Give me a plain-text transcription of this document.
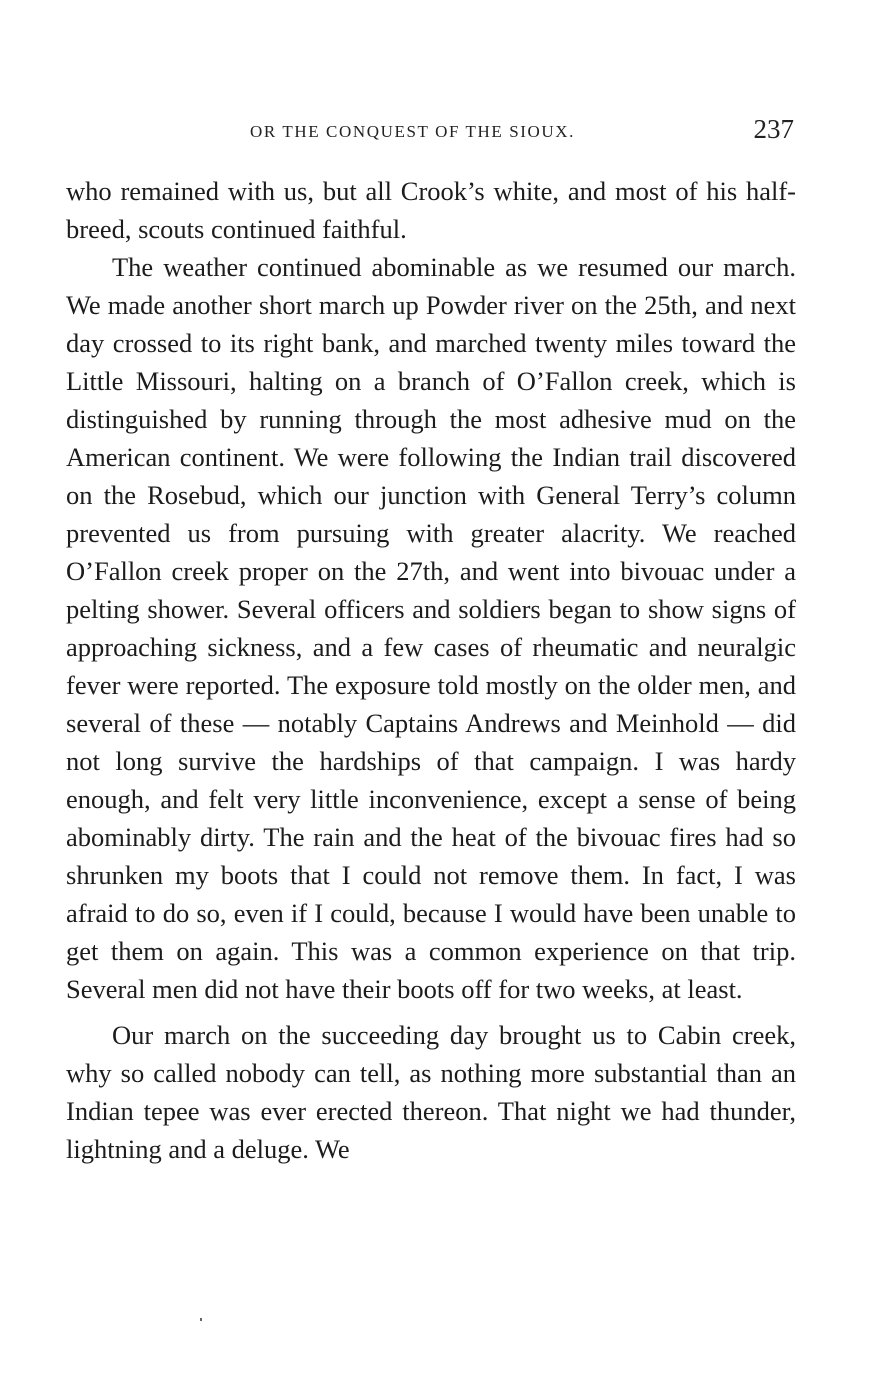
OR THE CONQUEST OF THE SIOUX.	237

who remained with us, but all Crook’s white, and most of his half-breed, scouts continued faithful.

The weather continued abominable as we resumed our march. We made another short march up Powder river on the 25th, and next day crossed to its right bank, and marched twenty miles toward the Little Missouri, halting on a branch of O’Fallon creek, which is distinguished by running through the most adhesive mud on the American continent. We were following the Indian trail discovered on the Rosebud, which our junction with General Terry’s column prevented us from pursuing with greater alacrity. We reached O’Fallon creek proper on the 27th, and went into bivouac under a pelting shower. Several officers and soldiers began to show signs of approaching sickness, and a few cases of rheumatic and neuralgic fever were reported. The exposure told mostly on the older men, and several of these — notably Captains Andrews and Meinhold — did not long survive the hardships of that campaign. I was hardy enough, and felt very little inconvenience, except a sense of being abominably dirty. The rain and the heat of the bivouac fires had so shrunken my boots that I could not remove them. In fact, I was afraid to do so, even if I could, because I would have been unable to get them on again. This was a common experience on that trip. Several men did not have their boots off for two weeks, at least.

Our march on the succeeding day brought us to Cabin creek, why so called nobody can tell, as nothing more substantial than an Indian tepee was ever erected thereon. That night we had thunder, lightning and a deluge. We
